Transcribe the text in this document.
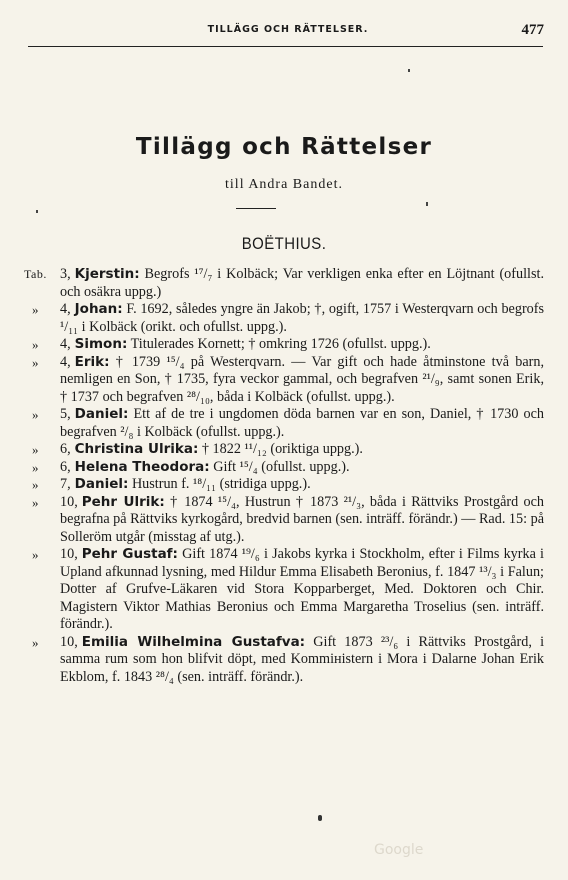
TILLÄGG OCH RÄTTELSER.	477
Tillägg och Rättelser
till Andra Bandet.
BOËTHIUS.
Tab. 3, Kjerstin: Begrofs ¹⁷/₇ i Kolbäck; Var verkligen enka efter en Löjtnant (ofullst. och osäkra uppg.)
» 4, Johan: F. 1692, således yngre än Jakob; †, ogift, 1757 i Westerqvarn och begrofs ¹/₁₁ i Kolbäck (orikt. och ofullst. uppg.).
» 4, Simon: Titulerades Kornett; † omkring 1726 (ofullst. uppg.).
» 4, Erik: † 1739 ¹⁵/₄ på Westerqvarn. — Var gift och hade åtminstone två barn, nemligen en Son, † 1735, fyra veckor gammal, och begrafven ²¹/₉, samt sonen Erik, † 1737 och begrafven ²⁸/₁₀, båda i Kolbäck (ofullst. uppg.).
» 5, Daniel: Ett af de tre i ungdomen döda barnen var en son, Daniel, † 1730 och begrafven ²/₈ i Kolbäck (ofullst. uppg.).
» 6, Christina Ulrika: † 1822 ¹¹/₁₂ (oriktiga uppg.).
» 6, Helena Theodora: Gift ¹⁵/₄ (ofullst. uppg.).
» 7, Daniel: Hustrun f. ¹⁸/₁₁ (stridiga uppg.).
» 10, Pehr Ulrik: † 1874 ¹⁵/₄, Hustrun † 1873 ²¹/₃, båda i Rättviks Prostgård och begrafna på Rättviks kyrkogård, bredvid barnen (sen. inträff. förändr.) — Rad. 15: på Solleröm utgår (misstag af utg.).
» 10, Pehr Gustaf: Gift 1874 ¹⁹/₆ i Jakobs kyrka i Stockholm, efter i Films kyrka i Upland afkunnad lysning, med Hildur Emma Elisabeth Beronius, f. 1847 ¹³/₃ i Falun; Dotter af Grufve-Läkaren vid Stora Kopparberget, Med. Doktoren och Chir. Magistern Viktor Mathias Beronius och Emma Margaretha Troselius (sen. inträff. förändr.).
» 10, Emilia Wilhelmina Gustafva: Gift 1873 ²³/₆ i Rättviks Prostgård, i samma rum som hon blifvit döpt, med Kommінistern i Mora i Dalarne Johan Erik Ekblom, f. 1843 ²⁸/₄ (sen. inträff. förändr.).
Google
